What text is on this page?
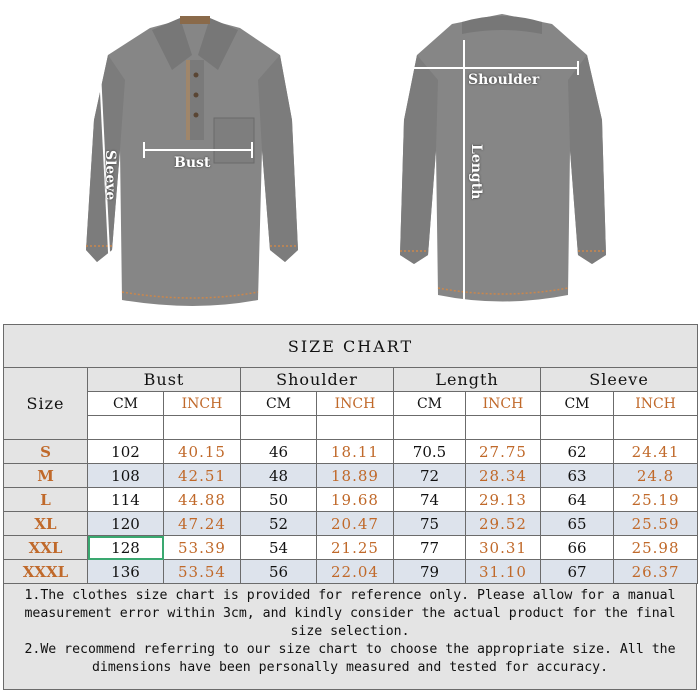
Bust
Sleeve
Shoulder
Length
SIZE CHART								
Size	Bust		Shoulder		Length		Sleeve	
	CM	INCH	CM	INCH	CM	INCH	CM	INCH

S	102	40.15	46	18.11	70.5	27.75	62	24.41
M	108	42.51	48	18.89	72	28.34	63	24.8
L	114	44.88	50	19.68	74	29.13	64	25.19
XL	120	47.24	52	20.47	75	29.52	65	25.59
XXL	128	53.39	54	21.25	77	30.31	66	25.98
XXXL	136	53.54	56	22.04	79	31.10	67	26.37

1.The clothes size chart is provided for reference only. Please allow for a manual measurement error within 3cm, and kindly consider the actual product for the final size selection.

2.We recommend referring to our size chart to choose the appropriate size. All the dimensions have been personally measured and tested for accuracy.
